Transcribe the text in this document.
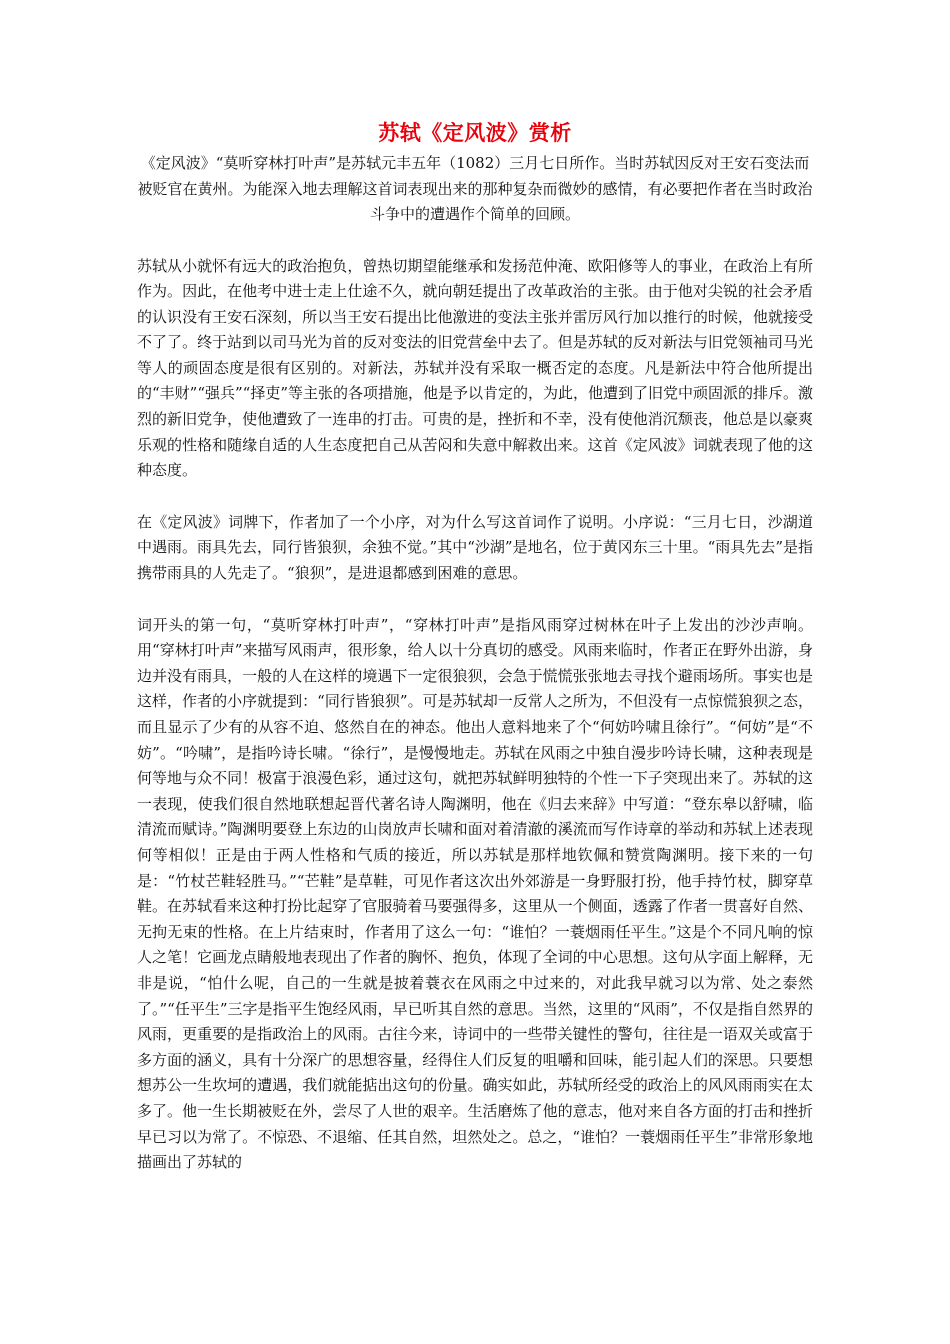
苏轼《定风波》赏析

《定风波》“莫听穿林打叶声”是苏轼元丰五年（1082）三月七日所作。当时苏轼因反对王安石变法而被贬官在黄州。为能深入地去理解这首词表现出来的那种复杂而微妙的感情，有必要把作者在当时政治斗争中的遭遇作个简单的回顾。

苏轼从小就怀有远大的政治抱负，曾热切期望能继承和发扬范仲淹、欧阳修等人的事业，在政治上有所作为。因此，在他考中进士走上仕途不久，就向朝廷提出了改革政治的主张。由于他对尖锐的社会矛盾的认识没有王安石深刻，所以当王安石提出比他激进的变法主张并雷厉风行加以推行的时候，他就接受不了了。终于站到以司马光为首的反对变法的旧党营垒中去了。但是苏轼的反对新法与旧党领袖司马光等人的顽固态度是很有区别的。对新法，苏轼并没有采取一概否定的态度。凡是新法中符合他所提出的“丰财”“强兵”“择吏”等主张的各项措施，他是予以肯定的，为此，他遭到了旧党中顽固派的排斥。激烈的新旧党争，使他遭致了一连串的打击。可贵的是，挫折和不幸，没有使他消沉颓丧，他总是以豪爽乐观的性格和随缘自适的人生态度把自己从苦闷和失意中解救出来。这首《定风波》词就表现了他的这种态度。

在《定风波》词牌下，作者加了一个小序，对为什么写这首词作了说明。小序说：“三月七日，沙湖道中遇雨。雨具先去，同行皆狼狈，余独不觉。”其中“沙湖”是地名，位于黄冈东三十里。“雨具先去”是指携带雨具的人先走了。“狼狈”，是进退都感到困难的意思。

词开头的第一句，“莫听穿林打叶声”，“穿林打叶声”是指风雨穿过树林在叶子上发出的沙沙声响。用“穿林打叶声”来描写风雨声，很形象，给人以十分真切的感受。风雨来临时，作者正在野外出游，身边并没有雨具，一般的人在这样的境遇下一定很狼狈，会急于慌慌张张地去寻找个避雨场所。事实也是这样，作者的小序就提到：“同行皆狼狈”。可是苏轼却一反常人之所为，不但没有一点惊慌狼狈之态，而且显示了少有的从容不迫、悠然自在的神态。他出人意料地来了个“何妨吟啸且徐行”。“何妨”是“不妨”。“吟啸”，是指吟诗长啸。“徐行”，是慢慢地走。苏轼在风雨之中独自漫步吟诗长啸，这种表现是何等地与众不同！极富于浪漫色彩，通过这句，就把苏轼鲜明独特的个性一下子突现出来了。苏轼的这一表现，使我们很自然地联想起晋代著名诗人陶渊明，他在《归去来辞》中写道：“登东皋以舒啸，临清流而赋诗。”陶渊明要登上东边的山岗放声长啸和面对着清澈的溪流而写作诗章的举动和苏轼上述表现何等相似！正是由于两人性格和气质的接近，所以苏轼是那样地钦佩和赞赏陶渊明。接下来的一句是：“竹杖芒鞋轻胜马。”“芒鞋”是草鞋，可见作者这次出外郊游是一身野服打扮，他手持竹杖，脚穿草鞋。在苏轼看来这种打扮比起穿了官服骑着马要强得多，这里从一个侧面，透露了作者一贯喜好自然、无拘无束的性格。在上片结束时，作者用了这么一句：“谁怕？一蓑烟雨任平生。”这是个不同凡响的惊人之笔！它画龙点睛般地表现出了作者的胸怀、抱负，体现了全词的中心思想。这句从字面上解释，无非是说，“怕什么呢，自己的一生就是披着蓑衣在风雨之中过来的，对此我早就习以为常、处之泰然了。”“任平生”三字是指平生饱经风雨，早已听其自然的意思。当然，这里的“风雨”，不仅是指自然界的风雨，更重要的是指政治上的风雨。古往今来，诗词中的一些带关键性的警句，往往是一语双关或富于多方面的涵义，具有十分深广的思想容量，经得住人们反复的咀嚼和回味，能引起人们的深思。只要想想苏公一生坎坷的遭遇，我们就能掂出这句的份量。确实如此，苏轼所经受的政治上的风风雨雨实在太多了。他一生长期被贬在外，尝尽了人世的艰辛。生活磨炼了他的意志，他对来自各方面的打击和挫折早已习以为常了。不惊恐、不退缩、任其自然，坦然处之。总之，“谁怕？一蓑烟雨任平生”非常形象地描画出了苏轼的
